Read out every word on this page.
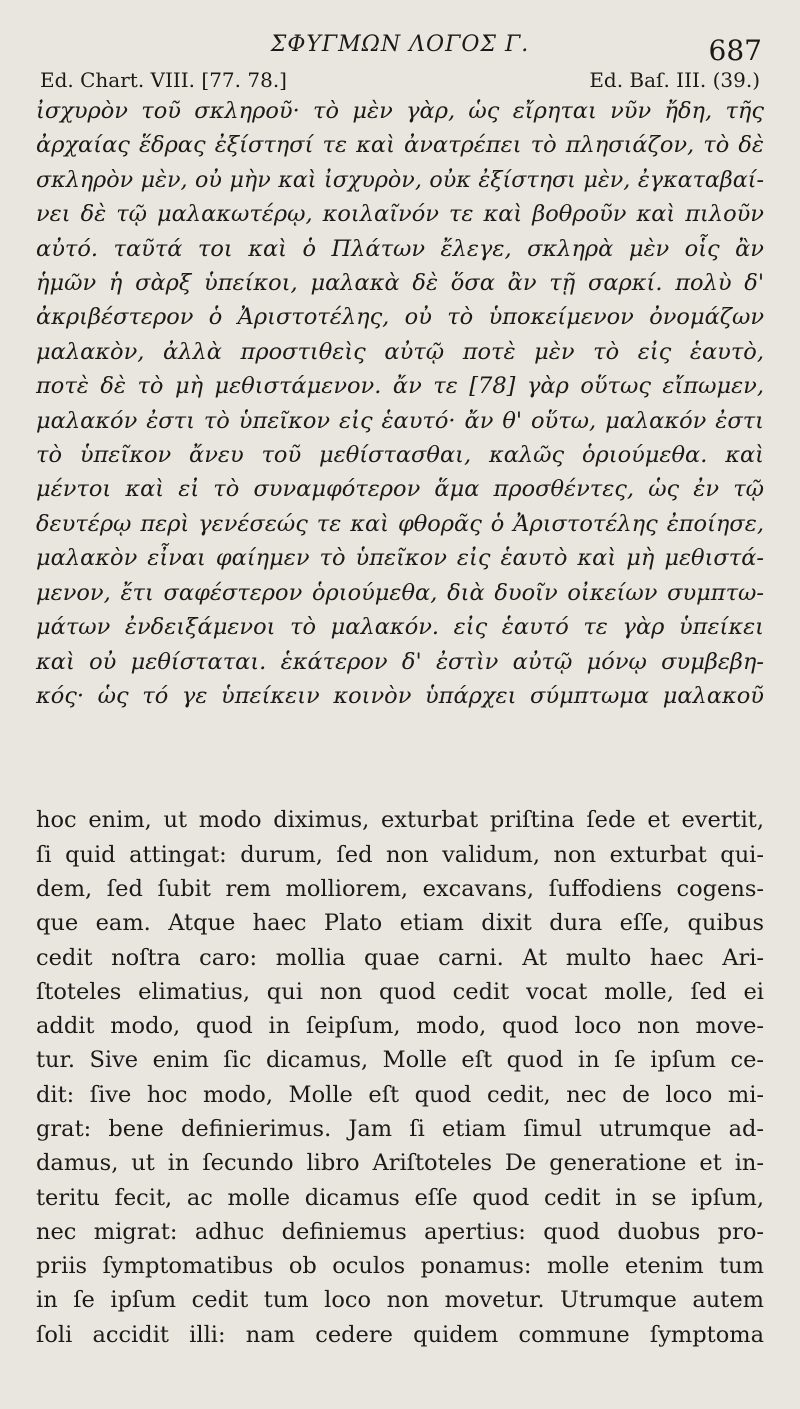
ΣΦΥΓΜΩΝ ΛΟΓΟΣ Γ.	687
Ed. Chart. VIII. [77. 78.]	Ed. Baſ. III. (39.)
ἰσχυρὸν τοῦ σκληροῦ· τὸ μὲν γὰρ, ὡς εἴρηται νῦν ἤδη, τῆς
ἀρχαίας ἕδρας ἐξίστησί τε καὶ ἀνατρέπει τὸ πλησιάζον, τὸ δὲ
σκληρὸν μὲν, οὐ μὴν καὶ ἰσχυρὸν, οὐκ ἐξίστησι μὲν, ἐγκαταβαί-
νει δὲ τῷ μαλακωτέρῳ, κοιλαῖνόν τε καὶ βοθροῦν καὶ πιλοῦν
αὐτό. ταῦτά τοι καὶ ὁ Πλάτων ἔλεγε, σκληρὰ μὲν οἷς ἂν
ἡμῶν ἡ σὰρξ ὑπείκοι, μαλακὰ δὲ ὅσα ἂν τῇ σαρκί. πολὺ δ'
ἀκριβέστερον ὁ Ἀριστοτέλης, οὐ τὸ ὑποκείμενον ὀνομάζων
μαλακὸν, ἀλλὰ προστιθεὶς αὐτῷ ποτὲ μὲν τὸ εἰς ἑαυτὸ,
ποτὲ δὲ τὸ μὴ μεθιστάμενον. ἄν τε [78] γὰρ οὕτως εἴπωμεν,
μαλακόν ἐστι τὸ ὑπεῖκον εἰς ἑαυτό· ἄν θ' οὕτω, μαλακόν ἐστι
τὸ ὑπεῖκον ἄνευ τοῦ μεθίστασθαι, καλῶς ὁριούμεθα. καὶ
μέντοι καὶ εἰ τὸ συναμφότερον ἅμα προσθέντες, ὡς ἐν τῷ
δευτέρῳ περὶ γενέσεώς τε καὶ φθορᾶς ὁ Ἀριστοτέλης ἐποίησε,
μαλακὸν εἶναι φαίημεν τὸ ὑπεῖκον εἰς ἑαυτὸ καὶ μὴ μεθιστά-
μενον, ἔτι σαφέστερον ὁριούμεθα, διὰ δυοῖν οἰκείων συμπτω-
μάτων ἐνδειξάμενοι τὸ μαλακόν. εἰς ἑαυτό τε γὰρ ὑπείκει
καὶ οὐ μεθίσταται. ἑκάτερον δ' ἐστὶν αὐτῷ μόνῳ συμβεβη-
κός· ὡς τό γε ὑπείκειν κοινὸν ὑπάρχει σύμπτωμα μαλακοῦ
hoc enim, ut modo diximus, exturbat priſtina ſede et evertit,
ſi quid attingat: durum, ſed non validum, non exturbat qui-
dem, ſed ſubit rem molliorem, excavans, ſuffodiens cogens-
que eam. Atque haec Plato etiam dixit dura eſſe, quibus
cedit noſtra caro: mollia quae carni. At multo haec Ari-
ſtoteles elimatius, qui non quod cedit vocat molle, ſed ei
addit modo, quod in ſeipſum, modo, quod loco non move-
tur. Sive enim ſic dicamus, Molle eſt quod in ſe ipſum ce-
dit: ſive hoc modo, Molle eſt quod cedit, nec de loco mi-
grat: bene definierimus. Jam ſi etiam ſimul utrumque ad-
damus, ut in ſecundo libro Ariſtoteles De generatione et in-
teritu fecit, ac molle dicamus eſſe quod cedit in se ipſum,
nec migrat: adhuc definiemus apertius: quod duobus pro-
priis ſymptomatibus ob oculos ponamus: molle etenim tum
in ſe ipſum cedit tum loco non movetur. Utrumque autem
ſoli accidit illi: nam cedere quidem commune ſymptoma
